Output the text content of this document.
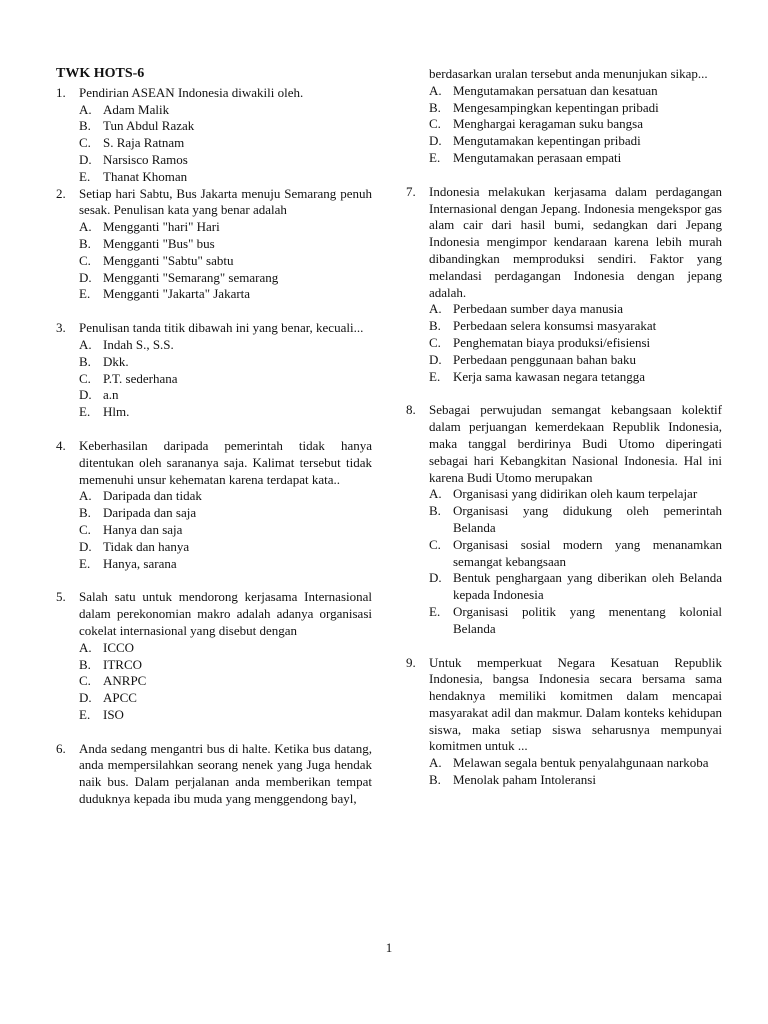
TWK HOTS-6
1.	Pendirian ASEAN Indonesia diwakili oleh.
A. Adam Malik
B. Tun Abdul Razak
C. S. Raja Ratnam
D. Narsisco Ramos
E. Thanat Khoman
2.	Setiap hari Sabtu, Bus Jakarta menuju Semarang penuh sesak. Penulisan kata yang benar adalah
A. Mengganti "hari" Hari
B. Mengganti "Bus" bus
C. Mengganti "Sabtu" sabtu
D. Mengganti "Semarang" semarang
E. Mengganti "Jakarta" Jakarta
3.	Penulisan tanda titik dibawah ini yang benar, kecuali...
A. Indah S., S.S.
B. Dkk.
C. P.T. sederhana
D. a.n
E. Hlm.
4.	Keberhasilan daripada pemerintah tidak hanya ditentukan oleh sarananya saja. Kalimat tersebut tidak memenuhi unsur kehematan karena terdapat kata..
A. Daripada dan tidak
B. Daripada dan saja
C. Hanya dan saja
D. Tidak dan hanya
E. Hanya, sarana
5.	Salah satu untuk mendorong kerjasama Internasional dalam perekonomian makro adalah adanya organisasi cokelat internasional yang disebut dengan
A. ICCO
B. ITRCO
C. ANRPC
D. APCC
E. ISO
6.	Anda sedang mengantri bus di halte. Ketika bus datang, anda mempersilahkan seorang nenek yang Juga hendak naik bus. Dalam perjalanan anda memberikan tempat duduknya kepada ibu muda yang menggendong bayl,
berdasarkan uralan tersebut anda menunjukan sikap...
A. Mengutamakan persatuan dan kesatuan
B. Mengesampingkan kepentingan pribadi
C. Menghargai keragaman suku bangsa
D. Mengutamakan kepentingan pribadi
E. Mengutamakan perasaan empati
7.	Indonesia melakukan kerjasama dalam perdagangan Internasional dengan Jepang. Indonesia mengekspor gas alam cair dari hasil bumi, sedangkan dari Jepang Indonesia mengimpor kendaraan karena lebih murah dibandingkan memproduksi sendiri. Faktor yang melandasi perdagangan Indonesia dengan jepang adalah.
A. Perbedaan sumber daya manusia
B. Perbedaan selera konsumsi masyarakat
C. Penghematan biaya produksi/efisiensi
D. Perbedaan penggunaan bahan baku
E. Kerja sama kawasan negara tetangga
8.	Sebagai perwujudan semangat kebangsaan kolektif dalam perjuangan kemerdekaan Republik Indonesia, maka tanggal berdirinya Budi Utomo diperingati sebagai hari Kebangkitan Nasional Indonesia. Hal ini karena Budi Utomo merupakan
A. Organisasi yang didirikan oleh kaum terpelajar
B. Organisasi yang didukung oleh pemerintah Belanda
C. Organisasi sosial modern yang menanamkan semangat kebangsaan
D. Bentuk penghargaan yang diberikan oleh Belanda kepada Indonesia
E. Organisasi politik yang menentang kolonial Belanda
9.	Untuk memperkuat Negara Kesatuan Republik Indonesia, bangsa Indonesia secara bersama sama hendaknya memiliki komitmen dalam mencapai masyarakat adil dan makmur. Dalam konteks kehidupan siswa, maka setiap siswa seharusnya mempunyai komitmen untuk ...
A. Melawan segala bentuk penyalahgunaan narkoba
B. Menolak paham Intoleransi
1
